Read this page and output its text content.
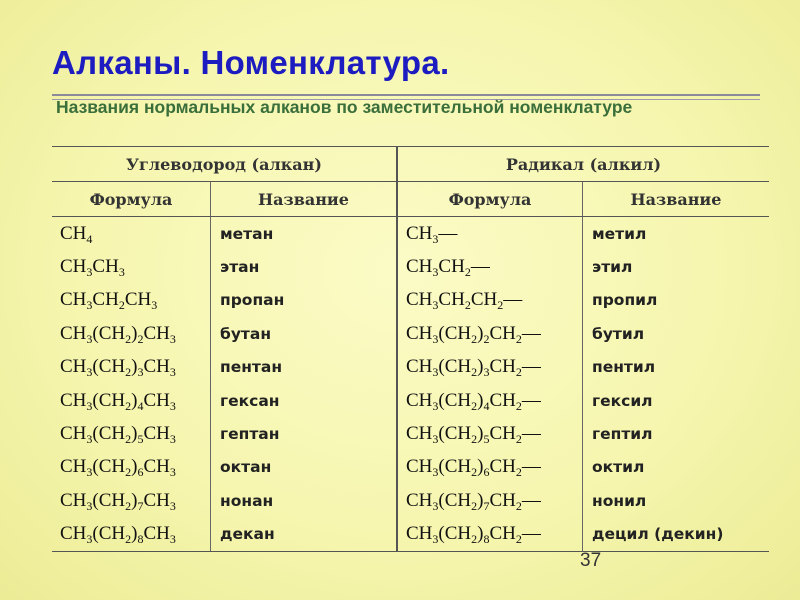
Алканы. Номенклатура.
Названия нормальных алканов по заместительной номенклатуре
Углеводород (алкан)		Радикал (алкил)	
Формула	Название	Формула	Название
$CH_4$	метан	$CH_3—$	метил
$CH_3CH_3$	этан	$CH_3CH_2—$	этил
$CH_3CH_2CH_3$	пропан	$CH_3CH_2CH_2—$	пропил
$CH_3(CH_2)_2CH_3$	бутан	$CH_3(CH_2)_2CH_2—$	бутил
$CH_3(CH_2)_3CH_3$	пентан	$CH_3(CH_2)_3CH_2—$	пентил
$CH_3(CH_2)_4CH_3$	гексан	$CH_3(CH_2)_4CH_2—$	гексил
$CH_3(CH_2)_5CH_3$	гептан	$CH_3(CH_2)_5CH_2—$	гептил
$CH_3(CH_2)_6CH_3$	октан	$CH_3(CH_2)_6CH_2—$	октил
$CH_3(CH_2)_7CH_3$	нонан	$CH_3(CH_2)_7CH_2—$	нонил
$CH_3(CH_2)_8CH_3$	декан	$CH_3(CH_2)_8CH_2—$	децил (декин)
37
